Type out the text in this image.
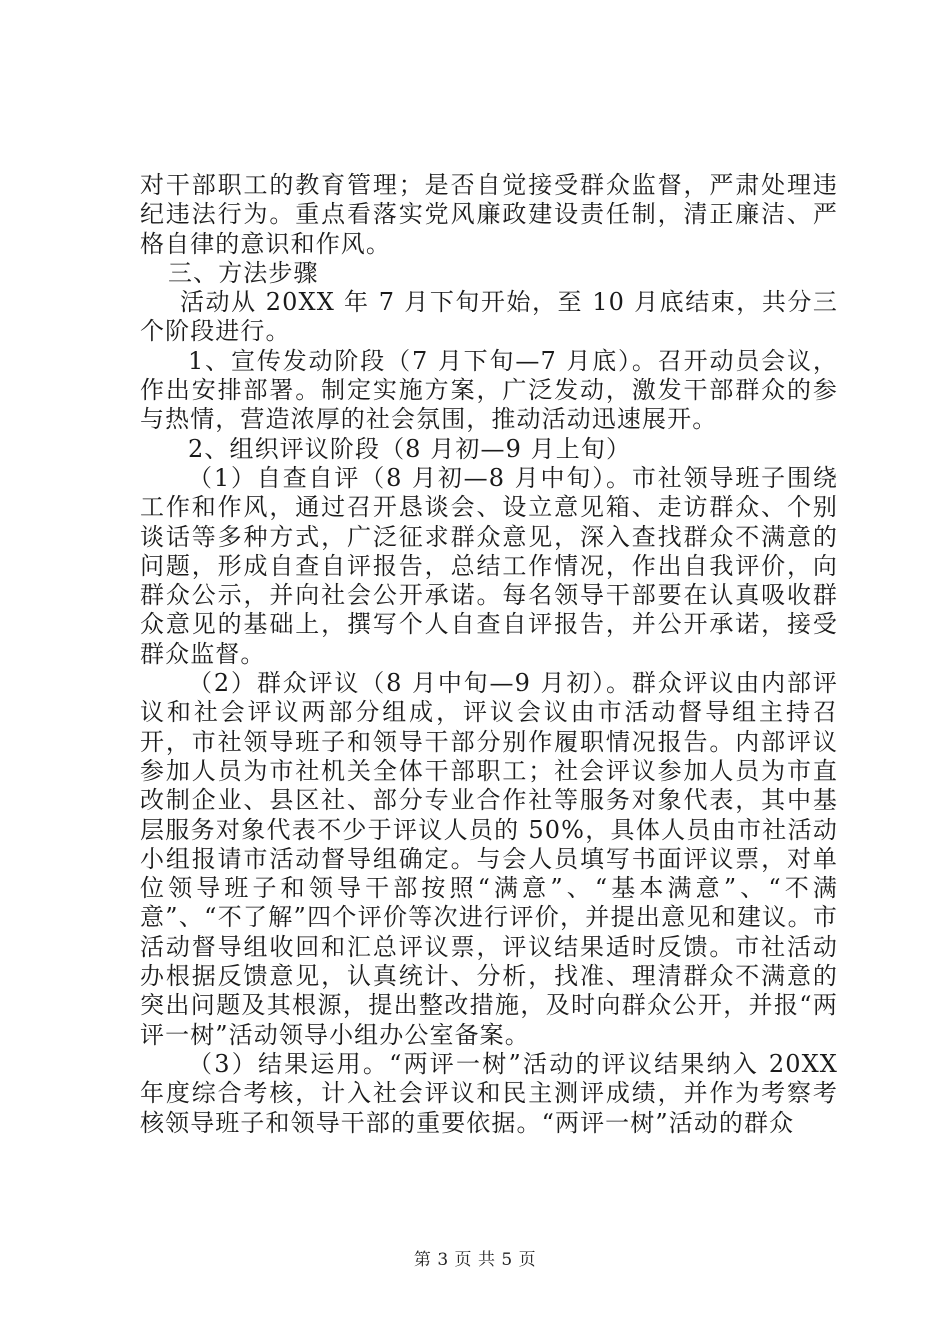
对干部职工的教育管理；是否自觉接受群众监督，严肃处理违纪违法行为。重点看落实党风廉政建设责任制，清正廉洁、严格自律的意识和作风。

三、方法步骤

活动从 20XX 年 7 月下旬开始，至 10 月底结束，共分三个阶段进行。

1、宣传发动阶段（7 月下旬—7 月底）。召开动员会议，作出安排部署。制定实施方案，广泛发动，激发干部群众的参与热情，营造浓厚的社会氛围，推动活动迅速展开。

2、组织评议阶段（8 月初—9 月上旬）

（1）自查自评（8 月初—8 月中旬）。市社领导班子围绕工作和作风，通过召开恳谈会、设立意见箱、走访群众、个别谈话等多种方式，广泛征求群众意见，深入查找群众不满意的问题，形成自查自评报告，总结工作情况，作出自我评价，向群众公示，并向社会公开承诺。每名领导干部要在认真吸收群众意见的基础上，撰写个人自查自评报告，并公开承诺，接受群众监督。

（2）群众评议（8 月中旬—9 月初）。群众评议由内部评议和社会评议两部分组成，评议会议由市活动督导组主持召开，市社领导班子和领导干部分别作履职情况报告。内部评议参加人员为市社机关全体干部职工；社会评议参加人员为市直改制企业、县区社、部分专业合作社等服务对象代表，其中基层服务对象代表不少于评议人员的 50%，具体人员由市社活动小组报请市活动督导组确定。与会人员填写书面评议票，对单位领导班子和领导干部按照“满意”、“基本满意”、“不满意”、“不了解”四个评价等次进行评价，并提出意见和建议。市活动督导组收回和汇总评议票，评议结果适时反馈。市社活动办根据反馈意见，认真统计、分析，找准、理清群众不满意的突出问题及其根源，提出整改措施，及时向群众公开，并报“两评一树”活动领导小组办公室备案。

（3）结果运用。“两评一树”活动的评议结果纳入 20XX 年度综合考核，计入社会评议和民主测评成绩，并作为考察考核领导班子和领导干部的重要依据。“两评一树”活动的群众

第 3 页 共 5 页
